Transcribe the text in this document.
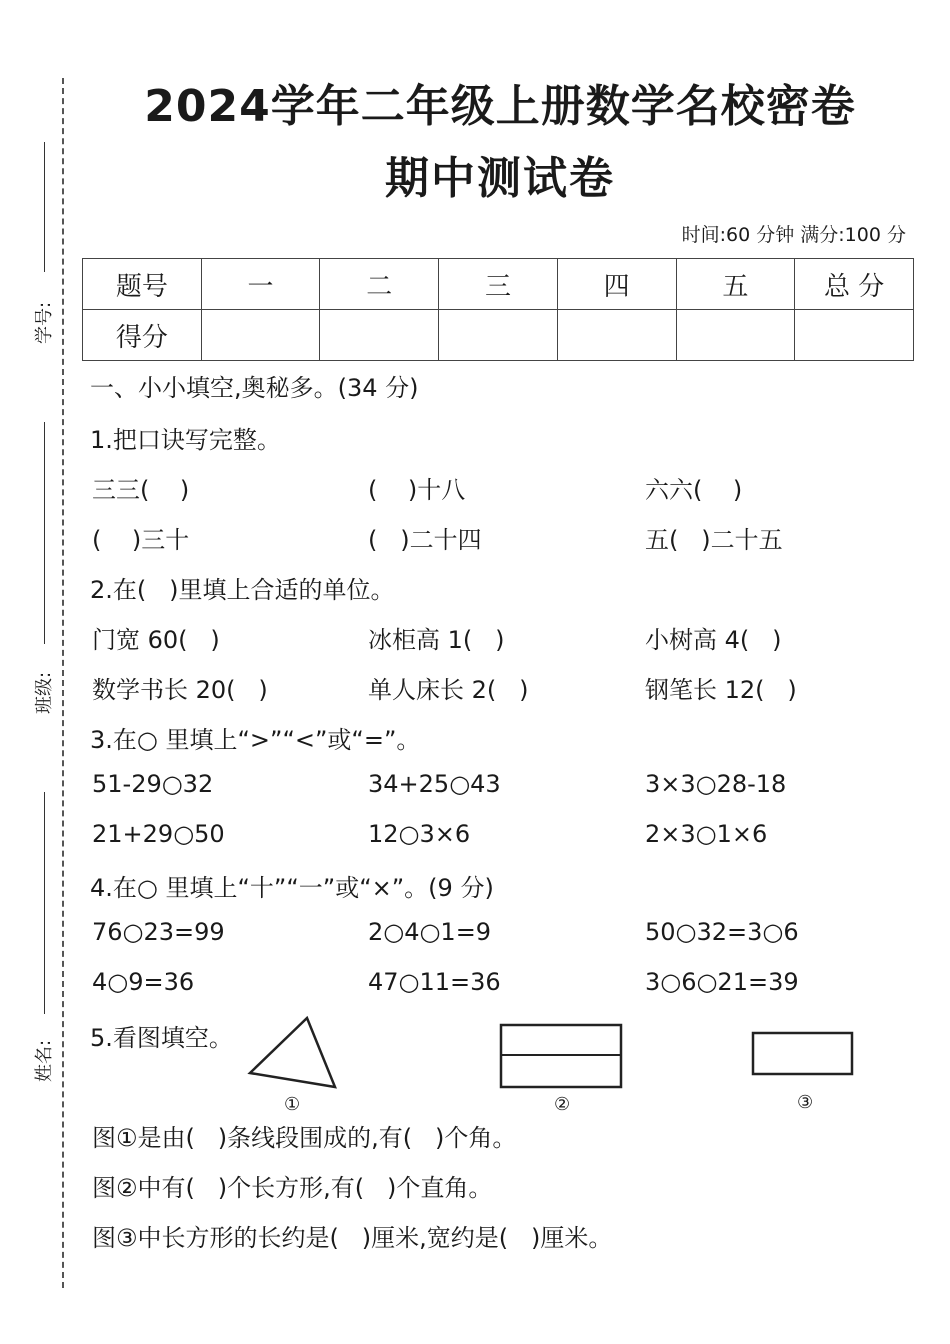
学号:
班级:
姓名:
2024学年二年级上册数学名校密卷
期中测试卷
时间:60 分钟 满分:100 分
题号	一	二	三	四	五	总 分
得分						
一、小小填空,奥秘多。(34 分)
1.把口诀写完整。
三三(    )	(    )十八	六六(    )
(    )三十	(   )二十四	五(   )二十五
2.在(   )里填上合适的单位。
门宽 60(   )	冰柜高 1(   )	小树高 4(   )
数学书长 20(   )	单人床长 2(   )	钢笔长 12(   )
3.在○ 里填上“>”“<”或“=”。
51-29○32	34+25○43	3×3○28-18
21+29○50	12○3×6	2×3○1×6
4.在○ 里填上“十”“一”或“×”。(9 分)
76○23=99	2○4○1=9	50○32=3○6
4○9=36	47○11=36	3○6○21=39
5.看图填空。
①	②	③
图①是由(   )条线段围成的,有(   )个角。
图②中有(   )个长方形,有(   )个直角。
图③中长方形的长约是(   )厘米,宽约是(   )厘米。
